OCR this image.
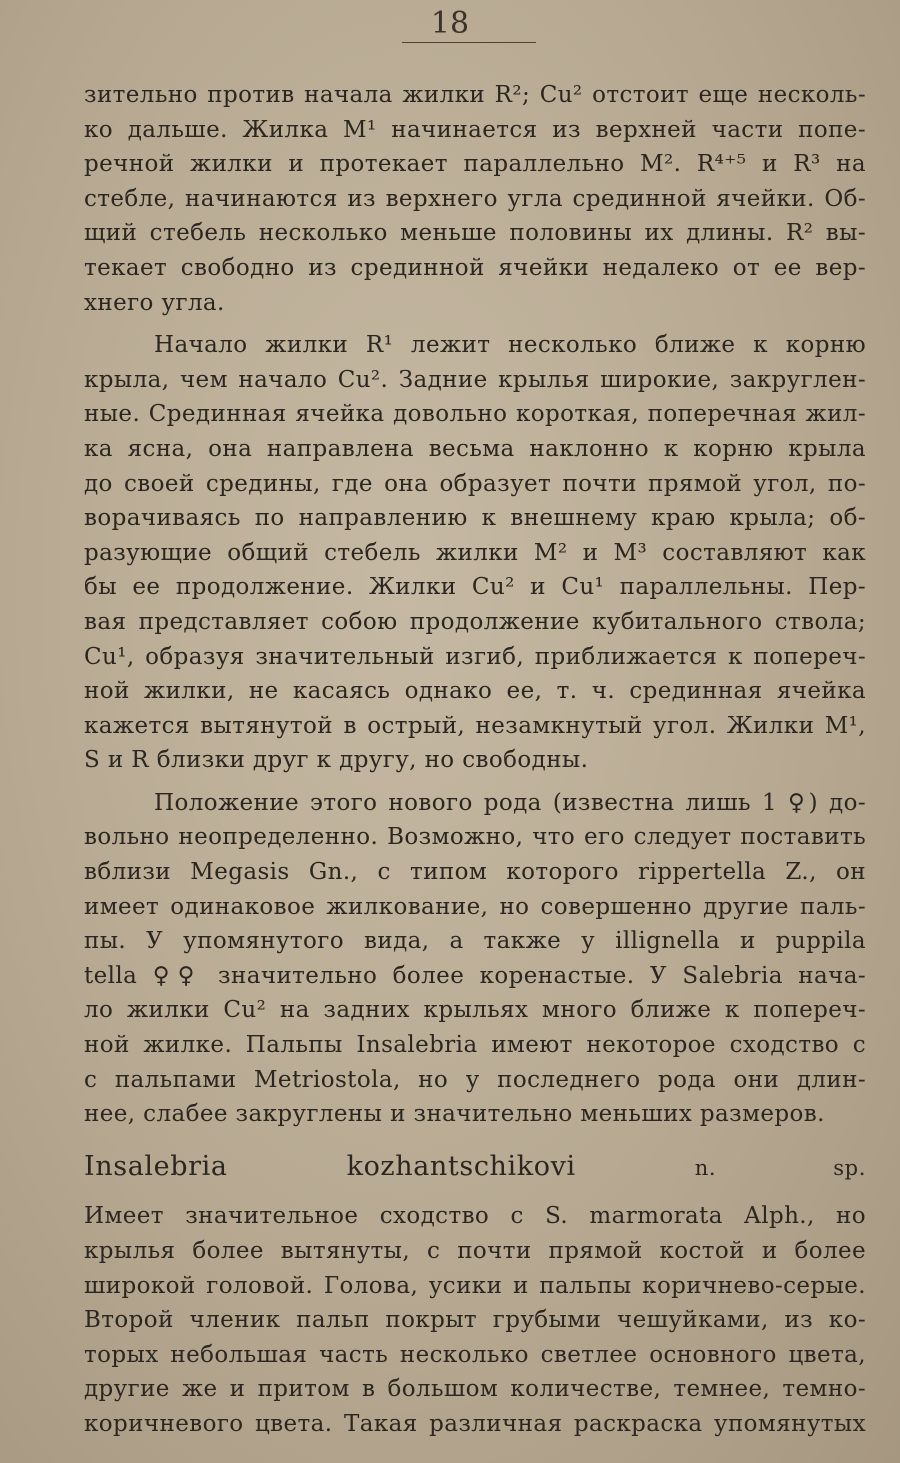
18
зительно против начала жилки R²; Cu² отстоит еще несколь-
ко дальше. Жилка M¹ начинается из верхней части попе-
речной жилки и протекает параллельно M². R⁴⁺⁵ и R³ на
стебле, начинаются из верхнего угла срединной ячейки. Об-
щий стебель несколько меньше половины их длины. R² вы-
текает свободно из срединной ячейки недалеко от ее вер-
хнего угла.
Начало жилки R¹ лежит несколько ближе к корню
крыла, чем начало Cu². Задние крылья широкие, закруглен-
ные. Срединная ячейка довольно короткая, поперечная жил-
ка ясна, она направлена весьма наклонно к корню крыла
до своей средины, где она образует почти прямой угол, по-
ворачиваясь по направлению к внешнему краю крыла; об-
разующие общий стебель жилки M² и M³ составляют как
бы ее продолжение. Жилки Cu² и Cu¹ параллельны. Пер-
вая представляет собою продолжение кубитального ствола;
Cu¹, образуя значительный изгиб, приближается к попереч-
ной жилки, не касаясь однако ее, т. ч. срединная ячейка
кажется вытянутой в острый, незамкнутый угол. Жилки M¹,
S и R близки друг к другу, но свободны.
Положение этого нового рода (известна лишь 1 ♀) до-
вольно неопределенно. Возможно, что его следует поставить
вблизи Megasis Gn., с типом которого rippertella Z., он
имеет одинаковое жилкование, но совершенно другие паль-
пы. У упомянутого вида, а также у illignella и puppila
tella ♀♀ значительно более коренастые. У Salebria нача-
ло жилки Cu² на задних крыльях много ближе к попереч-
ной жилке. Пальпы Insalebria имеют некоторое сходство с
с пальпами Metriostola, но у последнего рода они длин-
нее, слабее закруглены и значительно меньших размеров.
Insalebria kozhantschikovi	n. sp.
Имеет значительное сходство с S. marmorata Alph., но
крылья более вытянуты, с почти прямой костой и более
широкой головой. Голова, усики и пальпы коричнево-серые.
Второй членик пальп покрыт грубыми чешуйками, из ко-
торых небольшая часть несколько светлее основного цвета,
другие же и притом в большом количестве, темнее, темно-
коричневого цвета. Такая различная раскраска упомянутых
